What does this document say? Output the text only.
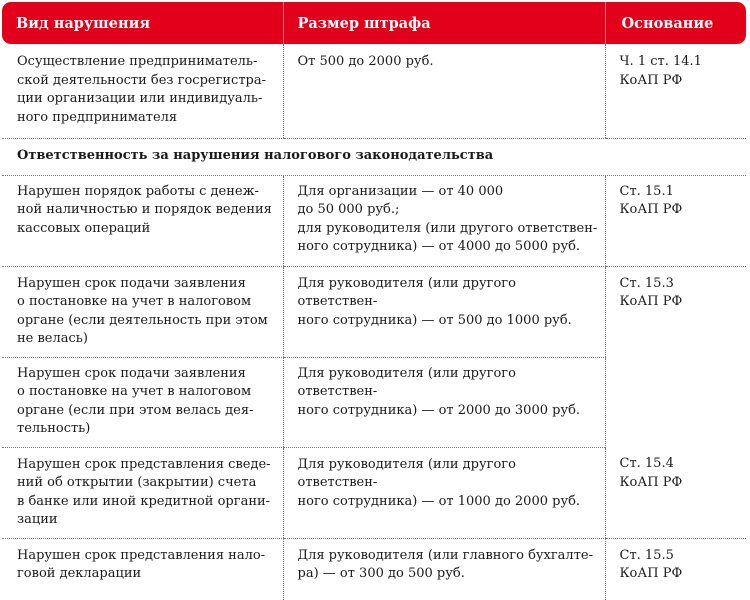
Вид нарушения	Размер штрафа	Основание
Осуществление предприниматель-
ской деятельности без госрегистра-
ции организации или индивидуаль-
ного предпринимателя	От 500 до 2000 руб.	Ч. 1 ст. 14.1
КоАП РФ
Ответственность за нарушения налогового законодательства		
Нарушен порядок работы с денеж-
ной наличностью и порядок ведения
кассовых операций	Для организации — от 40 000
до 50 000 руб.;
для руководителя (или другого ответствен-
ного сотрудника) — от 4000 до 5000 руб.	Ст. 15.1
КоАП РФ
Нарушен срок подачи заявления
о постановке на учет в налоговом
органе (если деятельность при этом
не велась)	Для руководителя (или другого ответствен-
ного сотрудника) — от 500 до 1000 руб.	Ст. 15.3
КоАП РФ
Нарушен срок подачи заявления
о постановке на учет в налоговом
органе (если при этом велась дея-
тельность)	Для руководителя (или другого ответствен-
ного сотрудника) — от 2000 до 3000 руб.	
Нарушен срок представления сведе-
ний об открытии (закрытии) счета
в банке или иной кредитной органи-
зации	Для руководителя (или другого ответствен-
ного сотрудника) — от 1000 до 2000 руб.	Ст. 15.4
КоАП РФ
Нарушен срок представления нало-
говой декларации	Для руководителя (или главного бухгалте-
ра) — от 300 до 500 руб.	Ст. 15.5
КоАП РФ
